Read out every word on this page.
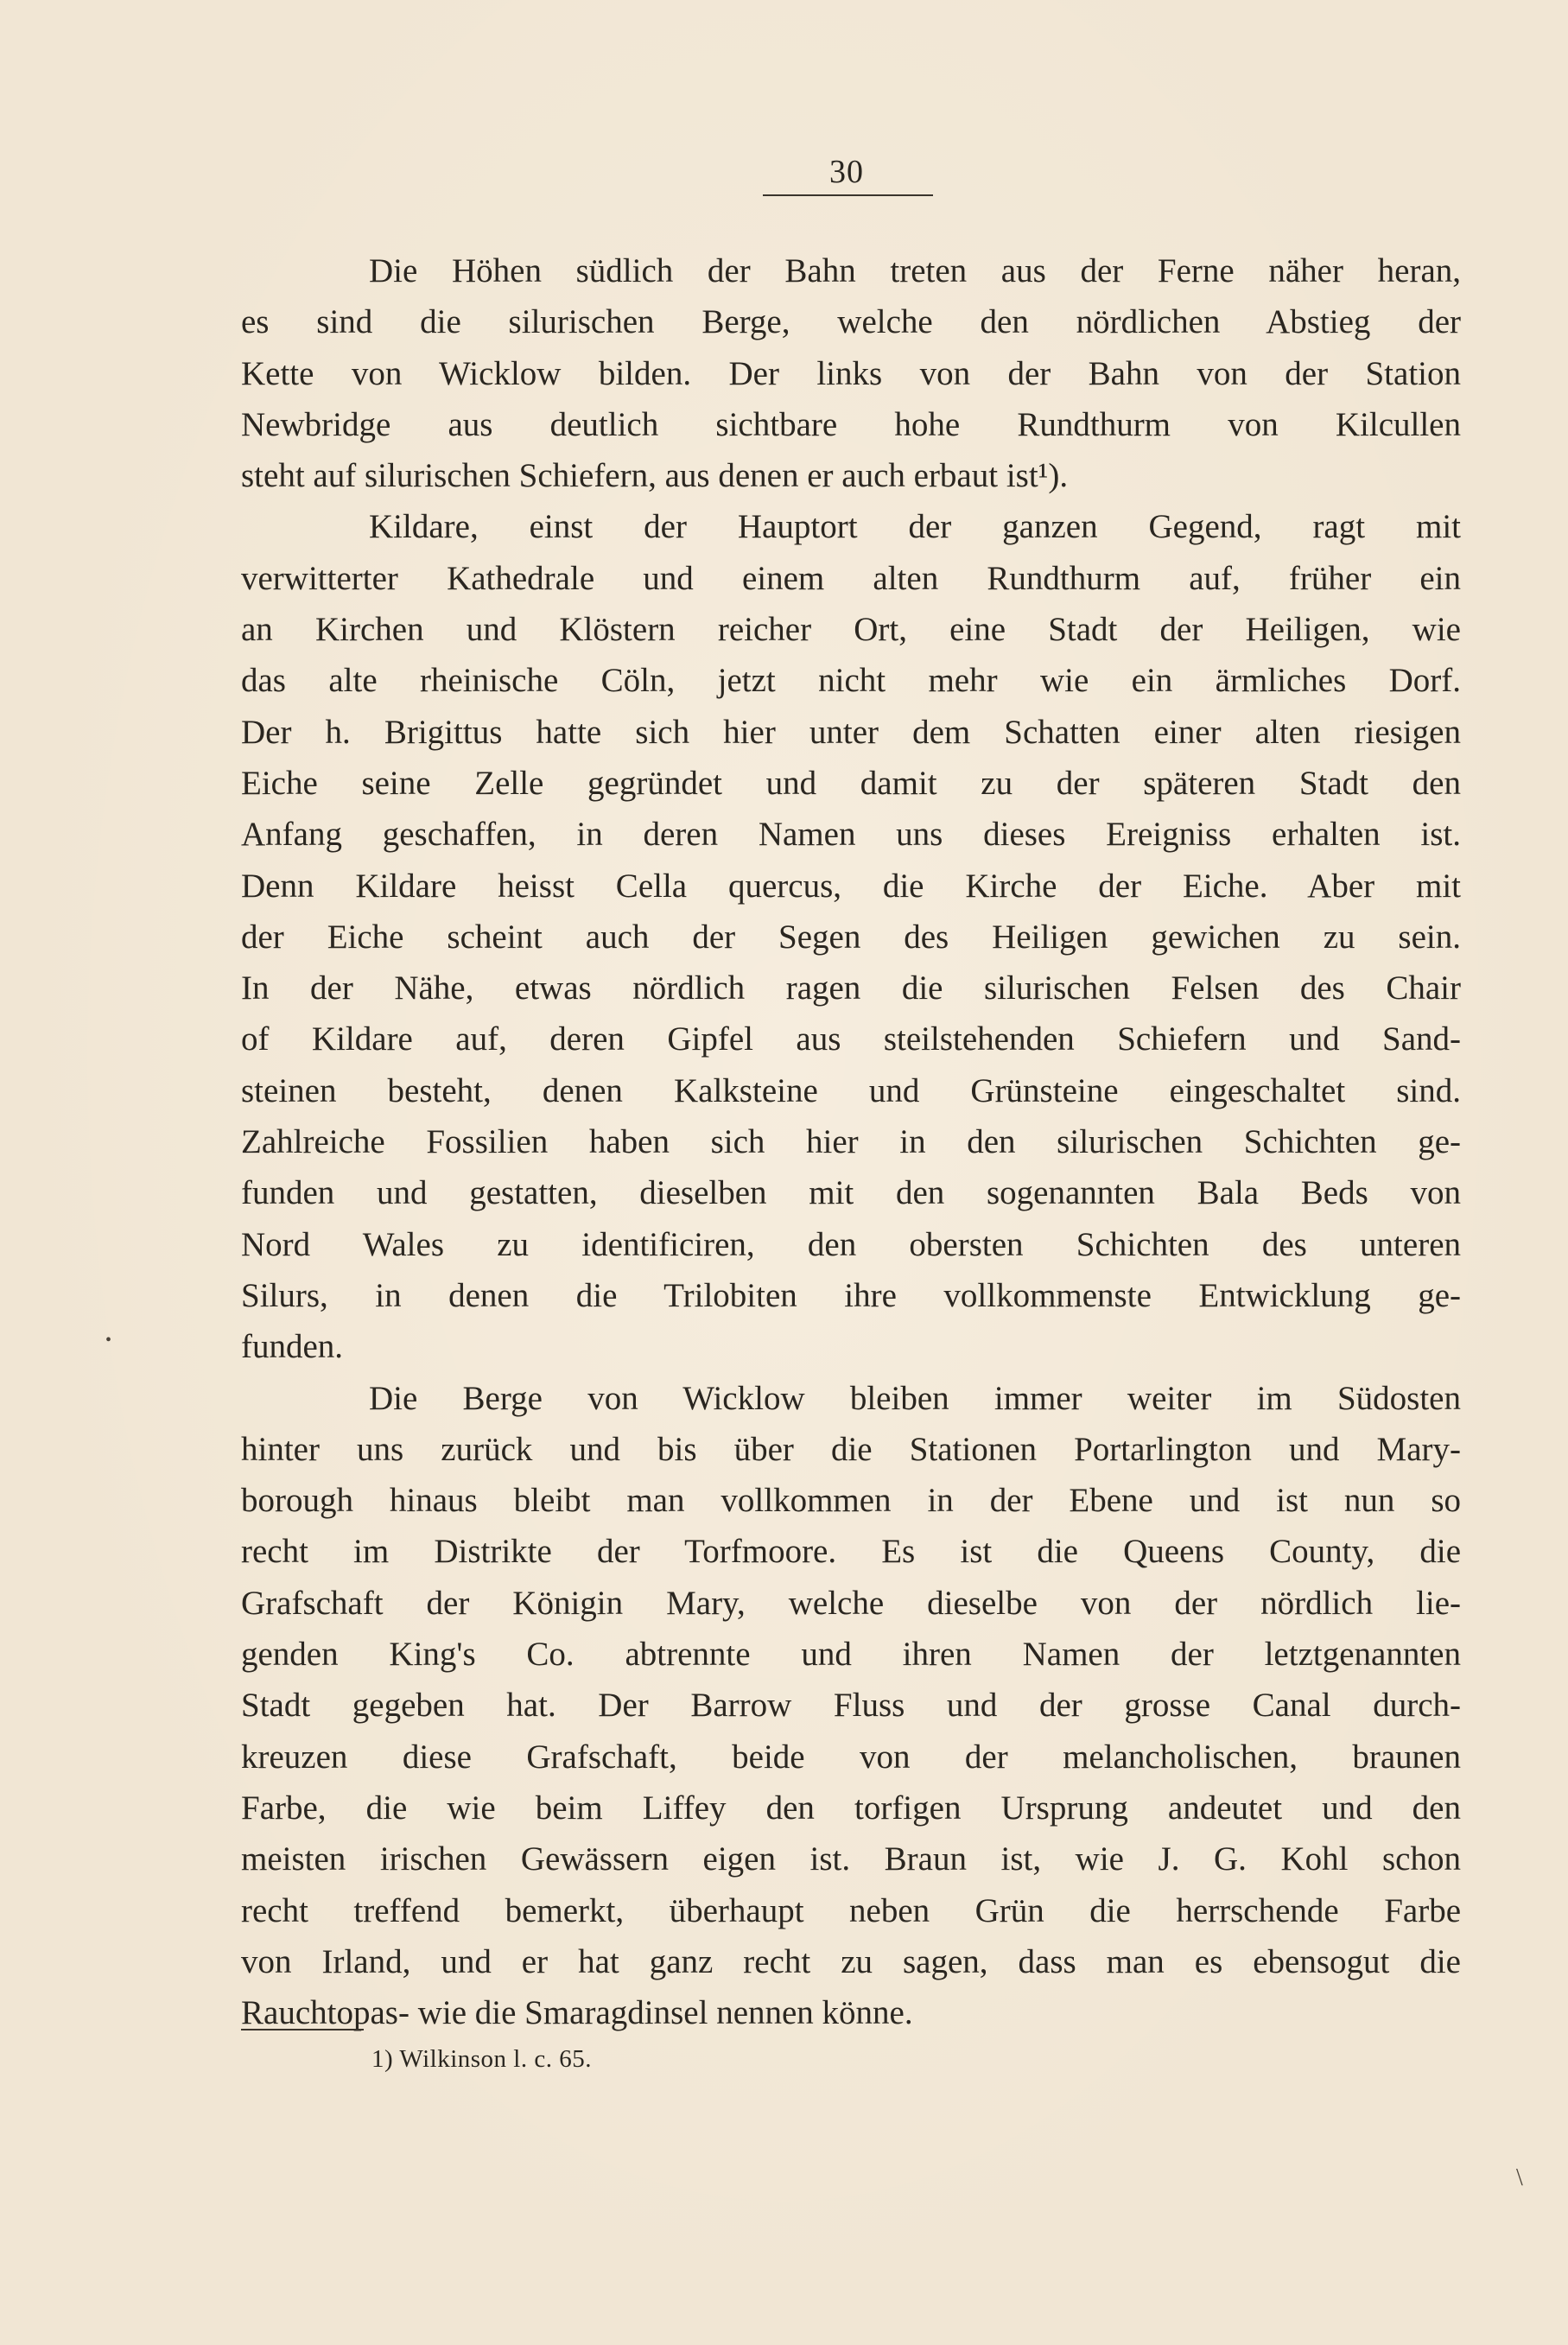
30
Die Höhen südlich der Bahn treten aus der Ferne näher heran,
es sind die silurischen Berge, welche den nördlichen Abstieg der
Kette von Wicklow bilden. Der links von der Bahn von der Station
Newbridge aus deutlich sichtbare hohe Rundthurm von Kilcullen
steht auf silurischen Schiefern, aus denen er auch erbaut ist¹).
Kildare, einst der Hauptort der ganzen Gegend, ragt mit
verwitterter Kathedrale und einem alten Rundthurm auf, früher ein
an Kirchen und Klöstern reicher Ort, eine Stadt der Heiligen, wie
das alte rheinische Cöln, jetzt nicht mehr wie ein ärmliches Dorf.
Der h. Brigittus hatte sich hier unter dem Schatten einer alten riesigen
Eiche seine Zelle gegründet und damit zu der späteren Stadt den
Anfang geschaffen, in deren Namen uns dieses Ereigniss erhalten ist.
Denn Kildare heisst Cella quercus, die Kirche der Eiche. Aber mit
der Eiche scheint auch der Segen des Heiligen gewichen zu sein.
In der Nähe, etwas nördlich ragen die silurischen Felsen des Chair
of Kildare auf, deren Gipfel aus steilstehenden Schiefern und Sand-
steinen besteht, denen Kalksteine und Grünsteine eingeschaltet sind.
Zahlreiche Fossilien haben sich hier in den silurischen Schichten ge-
funden und gestatten, dieselben mit den sogenannten Bala Beds von
Nord Wales zu identificiren, den obersten Schichten des unteren
Silurs, in denen die Trilobiten ihre vollkommenste Entwicklung ge-
funden.
Die Berge von Wicklow bleiben immer weiter im Südosten
hinter uns zurück und bis über die Stationen Portarlington und Mary-
borough hinaus bleibt man vollkommen in der Ebene und ist nun so
recht im Distrikte der Torfmoore. Es ist die Queens County, die
Grafschaft der Königin Mary, welche dieselbe von der nördlich lie-
genden King's Co. abtrennte und ihren Namen der letztgenannten
Stadt gegeben hat. Der Barrow Fluss und der grosse Canal durch-
kreuzen diese Grafschaft, beide von der melancholischen, braunen
Farbe, die wie beim Liffey den torfigen Ursprung andeutet und den
meisten irischen Gewässern eigen ist. Braun ist, wie J. G. Kohl schon
recht treffend bemerkt, überhaupt neben Grün die herrschende Farbe
von Irland, und er hat ganz recht zu sagen, dass man es ebensogut die
Rauchtopas- wie die Smaragdinsel nennen könne.
1) Wilkinson l. c. 65.
•
\
